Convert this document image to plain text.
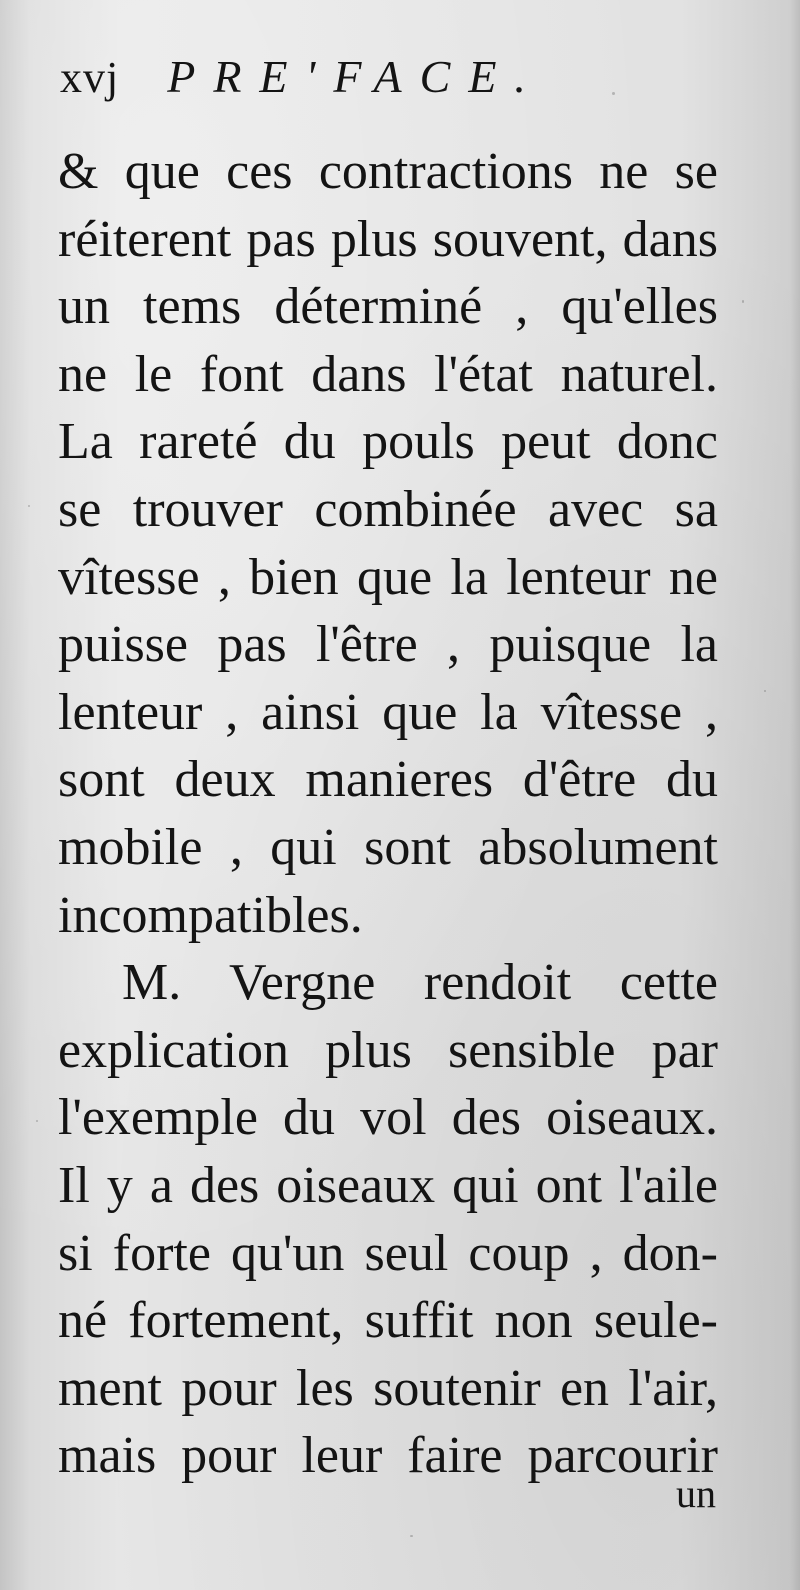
xvj PRE'FACE.
& que ces contractions ne se
réiterent pas plus souvent, dans
un tems déterminé , qu'elles
ne le font dans l'état naturel.
La rareté du pouls peut donc
se trouver combinée avec sa
vîtesse , bien que la lenteur ne
puisse pas l'être , puisque la
lenteur , ainsi que la vîtesse ,
sont deux manieres d'être du
mobile , qui sont absolument
incompatibles.
M. Vergne rendoit cette
explication plus sensible par
l'exemple du vol des oiseaux.
Il y a des oiseaux qui ont l'aile
si forte qu'un seul coup , don-
né fortement, suffit non seule-
ment pour les soutenir en l'air,
mais pour leur faire parcourir
un
